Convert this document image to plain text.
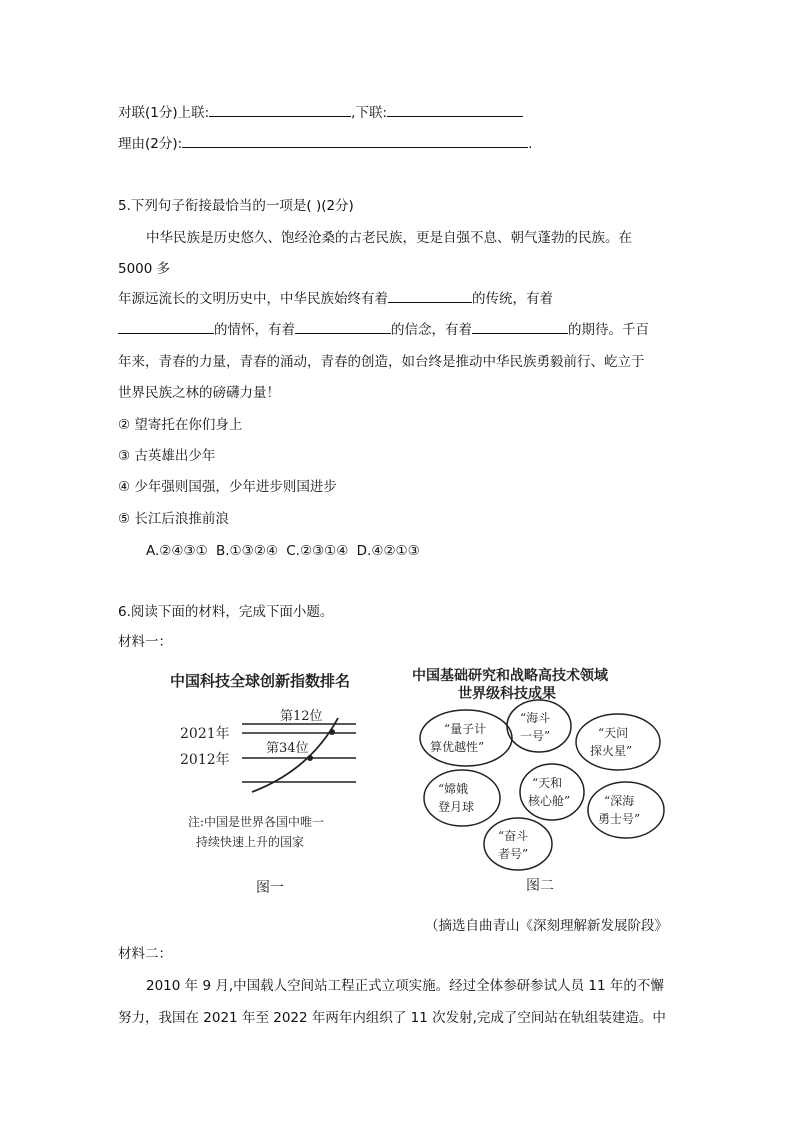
对联(1分)上联:	,下联:
理由(2分):	.
5.下列句子衔接最恰当的一项是( )(2分)
中华民族是历史悠久、饱经沧桑的古老民族，更是自强不息、朝气蓬勃的民族。在
5000 多
年源远流长的文明历史中，中华民族始终有着	的传统，有着
的情怀，有着	的信念，有着	的期待。千百
年来，青春的力量，青春的涌动，青春的创造，如台终是推动中华民族勇毅前行、屹立于
世界民族之林的磅礴力量！
② 望寄托在你们身上
③ 古英雄出少年
④ 少年强则国强，少年进步则国进步
⑤ 长江后浪推前浪
A.②④③① B.①③②④ C.②③①④ D.④②①③
6.阅读下面的材料，完成下面小题。
材料一：
中国科技全球创新指数排名
2021年
2012年
第12位
第34位
注:中国是世界各国中唯一
持续快速上升的国家
图一
中国基础研究和战略高技术领域
世界级科技成果
“量子计
算优越性”
“海斗
一号”	“天问
探火星”
“嫦娥
登月球
“天和
核心舱”	“深海
勇士号”
“奋斗
者号”
图二
（摘选自曲青山《深刻理解新发展阶段》
材料二：
2010 年 9 月,中国载人空间站工程正式立项实施。经过全体参研参试人员 11 年的不懈
努力，我国在 2021 年至 2022 年两年内组织了 11 次发射,完成了空间站在轨组装建造。中
